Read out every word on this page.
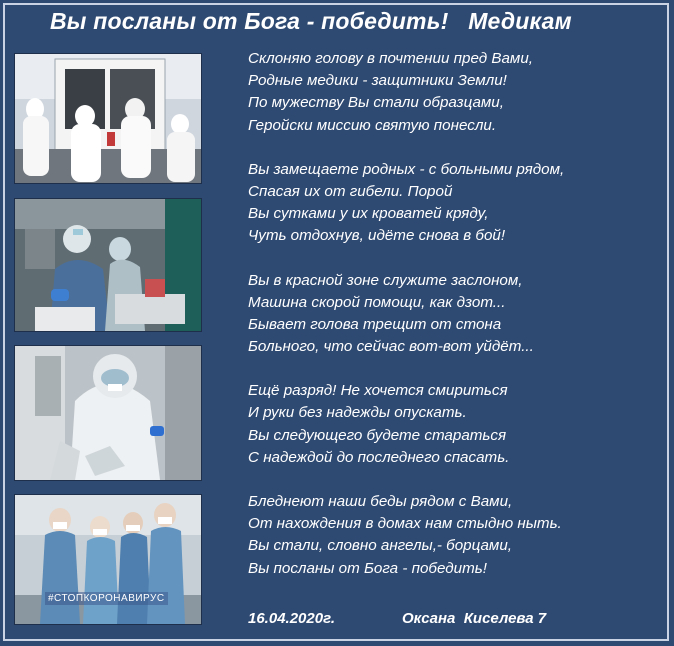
Вы посланы от Бога - победить!   Медикам
#СТОПКОРОНАВИРУС
Склоняю голову в почтении пред Вами,
Родные медики - защитники Земли!
По мужеству Вы стали образцами,
Геройски миссию святую понесли.
Вы замещаете родных - с больными рядом,
Спасая их от гибели. Порой
Вы сутками у их кроватей кряду,
Чуть отдохнув, идёте снова в бой!
Вы в красной зоне служите заслоном,
Машина скорой помощи, как дзот...
Бывает голова трещит от стона
Больного, что сейчас вот-вот уйдёт...
Ещё разряд! Не хочется смириться
И руки без надежды опускать.
Вы следующего будете стараться
С надеждой до последнего спасать.
Бледнеют наши беды рядом с Вами,
От нахождения в домах нам стыдно ныть.
Вы стали, словно ангелы,- борцами,
Вы посланы от Бога - победить!
16.04.2020г.	Оксана  Киселева 7
